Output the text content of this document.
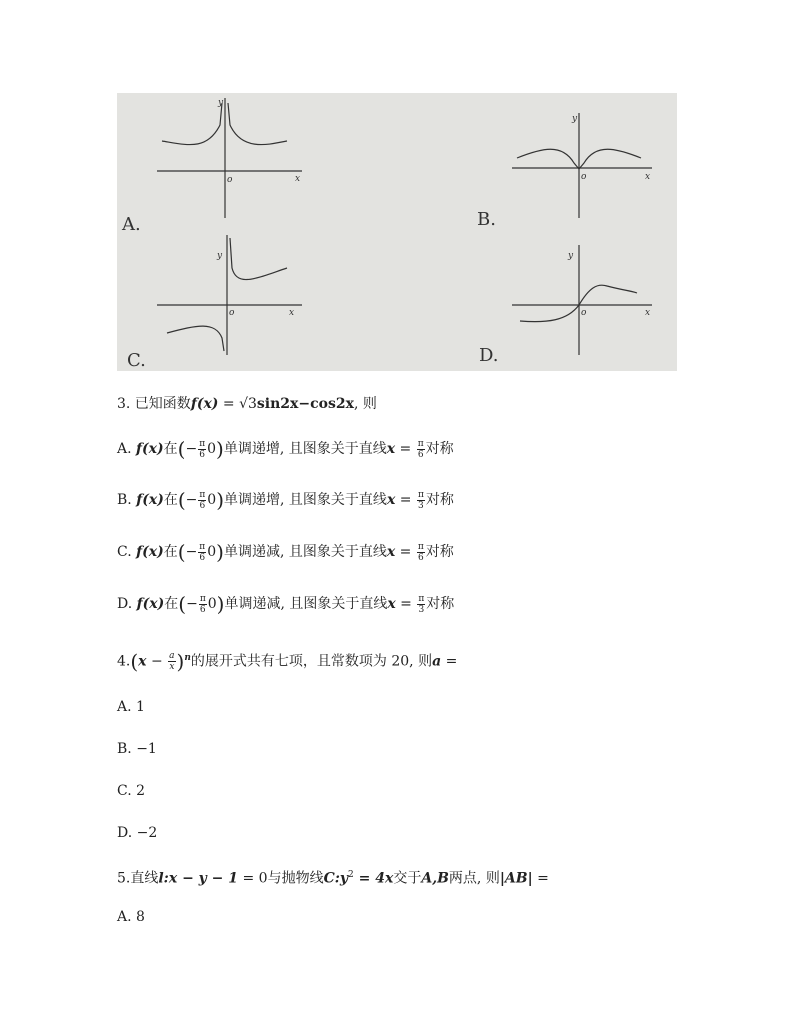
y
x
o
A.
y
x
o
B.
y
x
o
C.
y
x
o
D.
3. 已知函数f(x) = √3sin2x−cos2x, 则
A. f(x)在(− $\frac{\pi}{6} 0$)单调递增, 且图象关于直线$x = \frac{\pi}{6}$ 对称
B. f(x)在(− $\frac{\pi}{6} 0$)单调递增, 且图象关于直线$x = \frac{\pi}{3}$ 对称
C. f(x)在(− $\frac{\pi}{6} 0$)单调递减, 且图象关于直线$x = \frac{\pi}{6}$ 对称
D. f(x)在(− $\frac{\pi}{6} 0$)单调递减, 且图象关于直线$x = \frac{\pi}{3}$ 对称
$4.(x - \frac{a}{x} )^n$的展开式共有七项，且常数项为 20, 则a =
A. 1
B. −1
C. 2
D. −2
5.直线l:x − y − 1 = 0与抛物线$C:y^2 = 4x$交于A,B两点, 则|AB| =
A. 8
